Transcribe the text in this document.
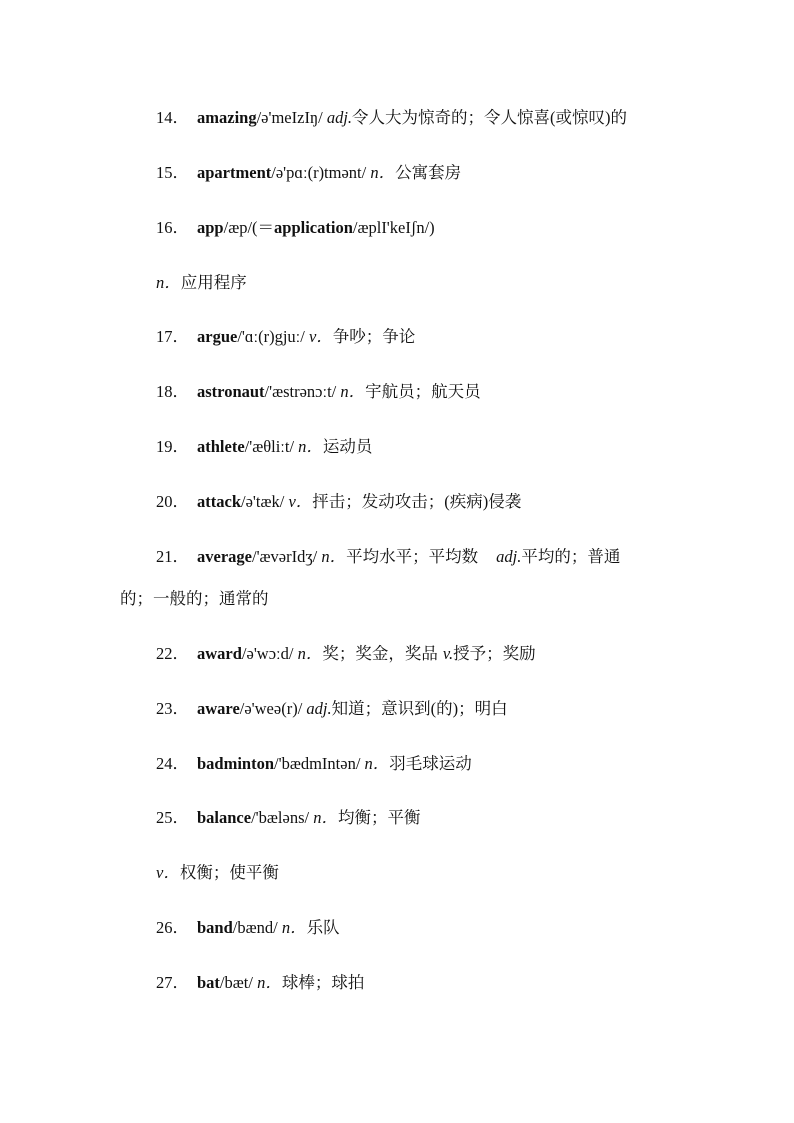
14． amazing/ə'meIzIŋ/ adj.令人大为惊奇的；令人惊喜(或惊叹)的
15． apartment/ə'pɑː(r)tmənt/ n．公寓套房
16． app/æp/(＝application/æplI'keIʃn/)
n．应用程序
17． argue/'ɑː(r)gjuː/ v．争吵；争论
18． astronaut/'æstrənɔːt/ n．宇航员；航天员
19． athlete/'æθliːt/ n．运动员
20． attack/ə'tæk/ v．抨击；发动攻击；(疾病)侵袭
21． average/'ævərIdʒ/ n．平均水平；平均数 adj.平均的；普通
的；一般的；通常的
22． award/ə'wɔːd/ n．奖；奖金，奖品 v.授予；奖励
23． aware/ə'weə(r)/ adj.知道；意识到(的)；明白
24． badminton/'bædmIntən/ n．羽毛球运动
25． balance/'bæləns/ n．均衡；平衡
v．权衡；使平衡
26． band/bænd/ n．乐队
27． bat/bæt/ n．球棒；球拍
